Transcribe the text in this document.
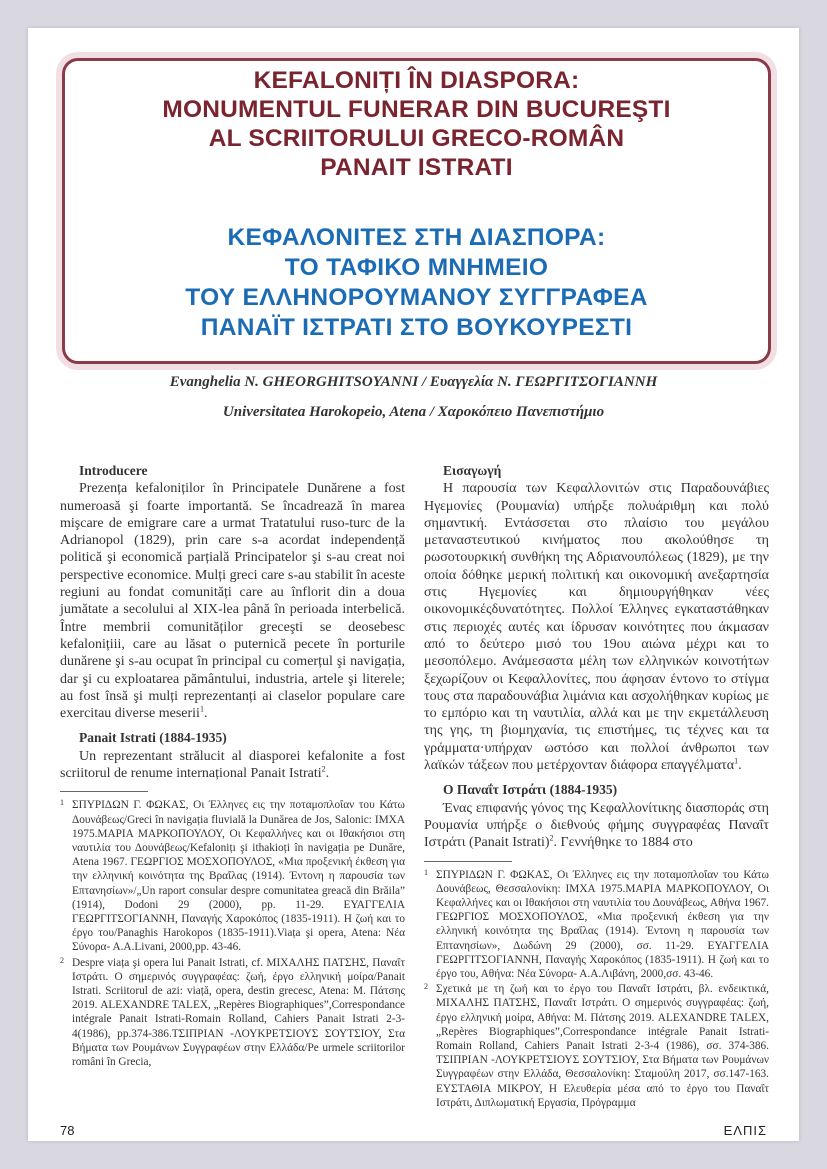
KEFALONIȚI ÎN DIASPORA:
MONUMENTUL FUNERAR DIN BUCUREŞTI
AL SCRIITORULUI GRECO-ROMÂN
PANAIT ISTRATI
ΚΕΦΑΛΟΝΙΤΕΣ ΣΤΗ ΔΙΑΣΠΟΡΑ:
ΤΟ ΤΑΦΙΚΟ ΜΝΗΜΕΙΟ
ΤΟΥ ΕΛΛΗΝΟΡΟΥΜΑΝΟΥ ΣΥΓΓΡΑΦΕΑ
ΠΑΝΑΪΤ ΙΣΤΡΑΤΙ ΣΤΟ ΒΟΥΚΟΥΡΕΣΤΙ
Evanghelia N. GHEORGHITSOYANNI / Ευαγγελία Ν. ΓΕΩΡΓΙΤΣΟΓΙΑΝΝΗ
Universitatea Harokopeio, Atena / Χαροκόπειο Πανεπιστήμιο
Introducere

Prezența kefaloniților în Principatele Dunărene a fost numeroasă şi foarte importantă. Se încadrează în marea mişcare de emigrare care a urmat Tratatului ruso-turc de la Adrianopol (1829), prin care s-a acordat independență politică şi economică parțială Principatelor şi s-au creat noi perspective economice. Mulți greci care s-au stabilit în aceste regiuni au fondat comunități care au înflorit din a doua jumătate a secolului al XIX-lea până în perioada interbelică. Între membrii comunităților greceşti se deosebesc kefalonițiii, care au lăsat o puternică pecete în porturile dunărene şi s-au ocupat în principal cu comerțul şi navigația, dar şi cu exploatarea pământului, industria, artele şi literele; au fost însă şi mulți reprezentanți ai claselor populare care exercitau diverse meserii$^1$.

Panait Istrati (1884-1935)

Un reprezentant strălucit al diasporei kefalonite a fost scriitorul de renume internațional Panait Istrati$^2$.

1 ΣΠΥΡΙΔΩΝ Γ. ΦΩΚΑΣ, Οι Έλληνες εις την ποταμοπλοΐαν του Κάτω Δουνάβεως/Greci în navigația fluvială la Dunărea de Jos, Salonic: ΙΜΧΑ 1975.ΜΑΡΙΑ ΜΑΡΚΟΠΟΥΛΟΥ, Οι Κεφαλλήνες και οι Ιθακήσιοι στη ναυτιλία του Δουνάβεως/Kefalonițı şi ithakioți în navigația pe Dunăre, Atena 1967. ΓΕΩΡΓΙΟΣ ΜΟΣΧΟΠΟΥΛΟΣ, «Μια προξενική έκθεση για την ελληνική κοινότητα της Βραΐλας (1914). Έντονη η παρουσία των Επτανησίων»/„Un raport consular despre comunitatea greacă din Brăila” (1914), Dodoni 29 (2000), pp. 11-29. ΕΥΑΓΓΕΛΙΑ ΓΕΩΡΓΙΤΣΟΓΙΑΝΝΗ, Παναγής Χαροκόπος (1835-1911). Η ζωή και το έργο του/Panaghis Harokopos (1835-1911).Viața şi opera, Atena: Νέα Σύνορα- Α.Α.Livani, 2000,pp. 43-46.
2 Despre viața şi opera lui Panait Istrati, cf. ΜΙΧΑΛΗΣ ΠΑΤΣΗΣ, Παναΐτ Ιστράτι. Ο σημερινός συγγραφέας: ζωή, έργο ελληνική μοίρα/Panait Istrati. Scriitorul de azi: viață, opera, destin grecesc, Atena: Μ. Πάτσης 2019. ALEXANDRE TALEX, „Repères Biographiques”,Correspondance intégrale Panait Istrati-Romain Rolland, Cahiers Panait Istrati 2-3-4(1986), pp.374-386.ΤΣΙΠΡΙΑΝ -ΛΟΥΚΡΕΤΣΙΟΥΣ ΣΟΥΤΣΙΟΥ, Στα Βήματα των Ρουμάνων Συγγραφέων στην Ελλάδα/Pe urmele scriitorilor români în Grecia,
Εισαγωγή

Η παρουσία των Κεφαλλονιτών στις Παραδουνάβιες Ηγεμονίες (Ρουμανία) υπήρξε πολυάριθμη και πολύ σημαντική. Εντάσσεται στο πλαίσιο του μεγάλου μεταναστευτικού κινήματος που ακολούθησε τη ρωσοτουρκική συνθήκη της Αδριανουπόλεως (1829), με την οποία δόθηκε μερική πολιτική και οικονομική ανεξαρτησία στις Ηγεμονίες και δημιουργήθηκαν νέες οικονομικέςδυνατότητες. Πολλοί Έλληνες εγκαταστάθηκαν στις περιοχές αυτές και ίδρυσαν κοινότητες που άκμασαν από το δεύτερο μισό του 19ου αιώνα μέχρι και το μεσοπόλεμο. Ανάμεσαστα μέλη των ελληνικών κοινοτήτων ξεχωρίζουν οι Κεφαλλονίτες, που άφησαν έντονο το στίγμα τους στα παραδουνάβια λιμάνια και ασχολήθηκαν κυρίως με το εμπόριο και τη ναυτιλία, αλλά και με την εκμετάλλευση της γης, τη βιομηχανία, τις επιστήμες, τις τέχνες και τα γράμματα·υπήρχαν ωστόσο και πολλοί άνθρωποι των λαϊκών τάξεων που μετέρχονταν διάφορα επαγγέλματα$^1$.

Ο Παναΐτ Ιστράτι (1884-1935)

Ένας επιφανής γόνος της Κεφαλλονίτικης διασποράς στη Ρουμανία υπήρξε ο διεθνούς φήμης συγγραφέας Παναΐτ Ιστράτι (Panait Istrati)$^2$. Γεννήθηκε το 1884 στο

1 ΣΠΥΡΙΔΩΝ Γ. ΦΩΚΑΣ, Οι Έλληνες εις την ποταμοπλοΐαν του Κάτω Δουνάβεως, Θεσσαλονίκη: ΙΜΧΑ 1975.ΜΑΡΙΑ ΜΑΡΚΟΠΟΥΛΟΥ, Οι Κεφαλλήνες και οι Ιθακήσιοι στη ναυτιλία του Δουνάβεως, Αθήνα 1967. ΓΕΩΡΓΙΟΣ ΜΟΣΧΟΠΟΥΛΟΣ, «Μια προξενική έκθεση για την ελληνική κοινότητα της Βραΐλας (1914). Έντονη η παρουσία των Επτανησίων», Δωδώνη 29 (2000), σσ. 11-29. ΕΥΑΓΓΕΛΙΑ ΓΕΩΡΓΙΤΣΟΓΙΑΝΝΗ, Παναγής Χαροκόπος (1835-1911). Η ζωή και το έργο του, Αθήνα: Νέα Σύνορα- Α.Α.Λιβάνη, 2000,σσ. 43-46.
2 Σχετικά με τη ζωή και το έργο του Παναΐτ Ιστράτι, βλ. ενδεικτικά, ΜΙΧΑΛΗΣ ΠΑΤΣΗΣ, Παναΐτ Ιστράτι. Ο σημερινός συγγραφέας: ζωή, έργο ελληνική μοίρα, Αθήνα: Μ. Πάτσης 2019. ALEXANDRE TALEX, „Repères Biographiques”,Correspondance intégrale Panait Istrati-Romain Rolland, Cahiers Panait Istrati 2-3-4 (1986), σσ. 374-386. ΤΣΙΠΡΙΑΝ -ΛΟΥΚΡΕΤΣΙΟΥΣ ΣΟΥΤΣΙΟΥ, Στα Βήματα των Ρουμάνων Συγγραφέων στην Ελλάδα, Θεσσαλονίκη: Σταμούλη 2017, σσ.147-163. ΕΥΣΤΑΘΙΑ ΜΙΚΡΟΥ, Η Ελευθερία μέσα από το έργο του Παναΐτ Ιστράτι, Διπλωματική Εργασία, Πρόγραμμα
78	ΕΛΠΙΣ
